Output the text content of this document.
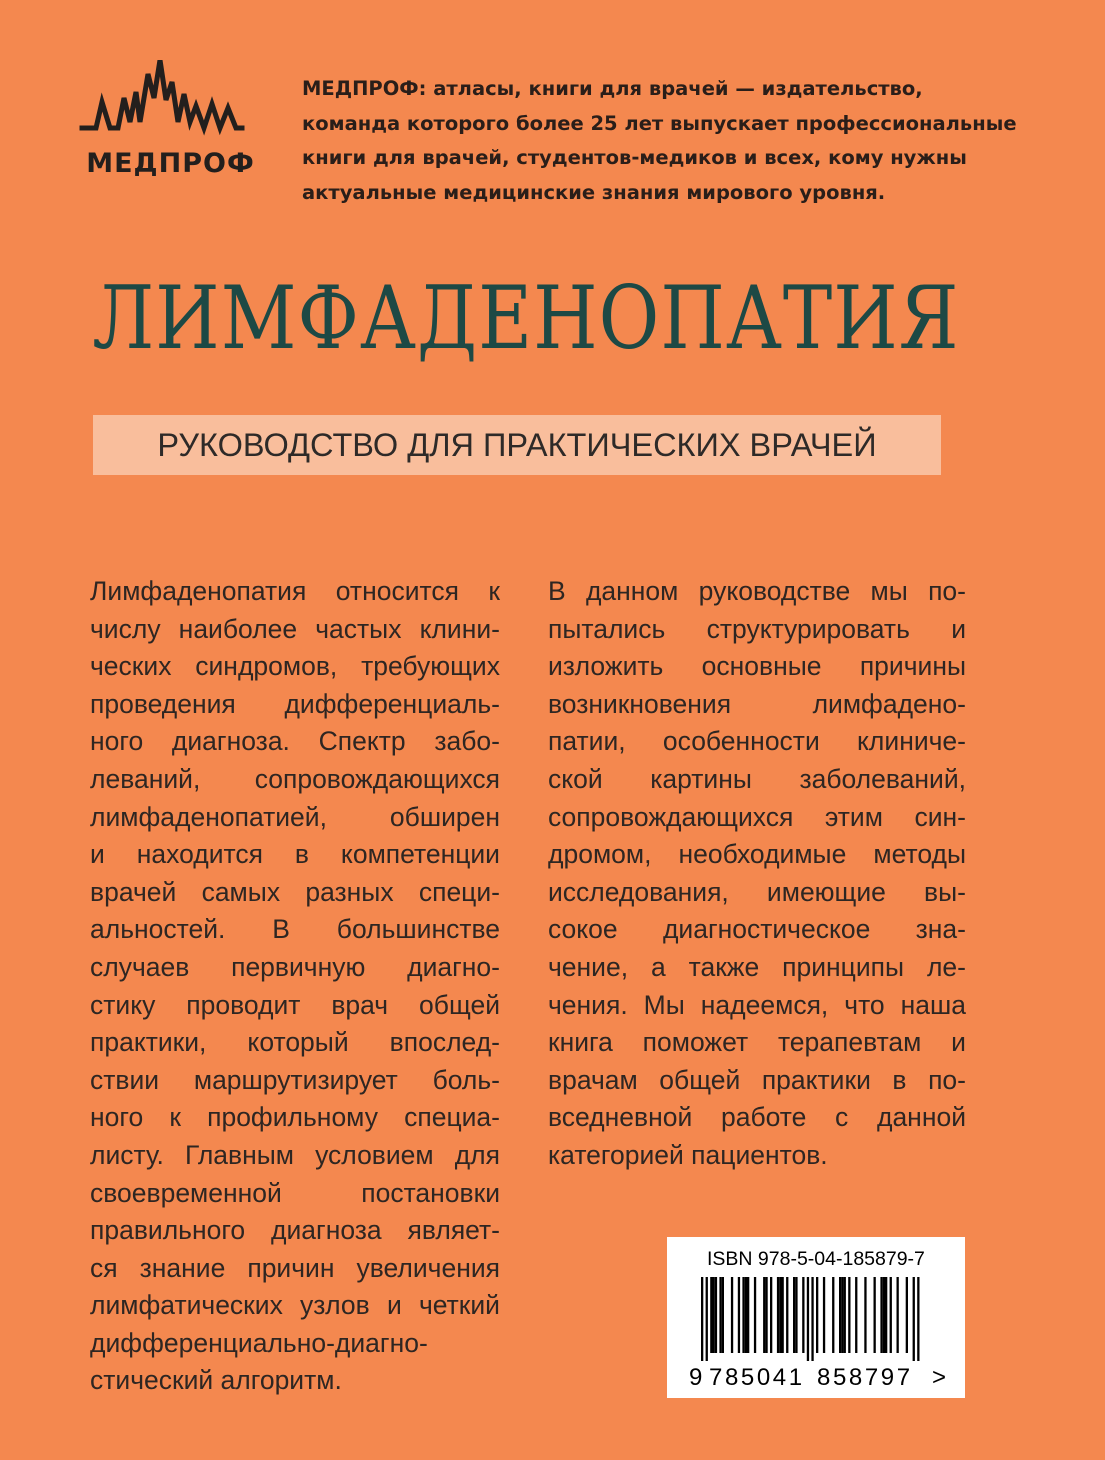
МЕДПРОФ
МЕДПРОФ: атласы, книги для врачей — издательство,
команда которого более 25 лет выпускает профессиональные
книги для врачей, студентов-медиков и всех, кому нужны
актуальные медицинские знания мирового уровня.
ЛИМФАДЕНОПАТИЯ
РУКОВОДСТВО ДЛЯ ПРАКТИЧЕСКИХ ВРАЧЕЙ
Лимфаденопатия относится к
числу наиболее частых клини-
ческих синдромов, требующих
проведения дифференциаль-
ного диагноза. Спектр забо-
леваний, сопровождающихся
лимфаденопатией, обширен
и находится в компетенции
врачей самых разных специ-
альностей. В большинстве
случаев первичную диагно-
стику проводит врач общей
практики, который впослед-
ствии маршрутизирует боль-
ного к профильному специа-
листу. Главным условием для
своевременной постановки
правильного диагноза являет-
ся знание причин увеличения
лимфатических узлов и четкий
дифференциально-диагно-
стический алгоритм.
В данном руководстве мы по-
пытались структурировать и
изложить основные причины
возникновения лимфадено-
патии, особенности клиниче-
ской картины заболеваний,
сопровождающихся этим син-
дромом, необходимые методы
исследования, имеющие вы-
сокое диагностическое зна-
чение, а также принципы ле-
чения. Мы надеемся, что наша
книга поможет терапевтам и
врачам общей практики в по-
вседневной работе с данной
категорией пациентов.
ISBN 978-5-04-185879-7
9 785041 858797 >
